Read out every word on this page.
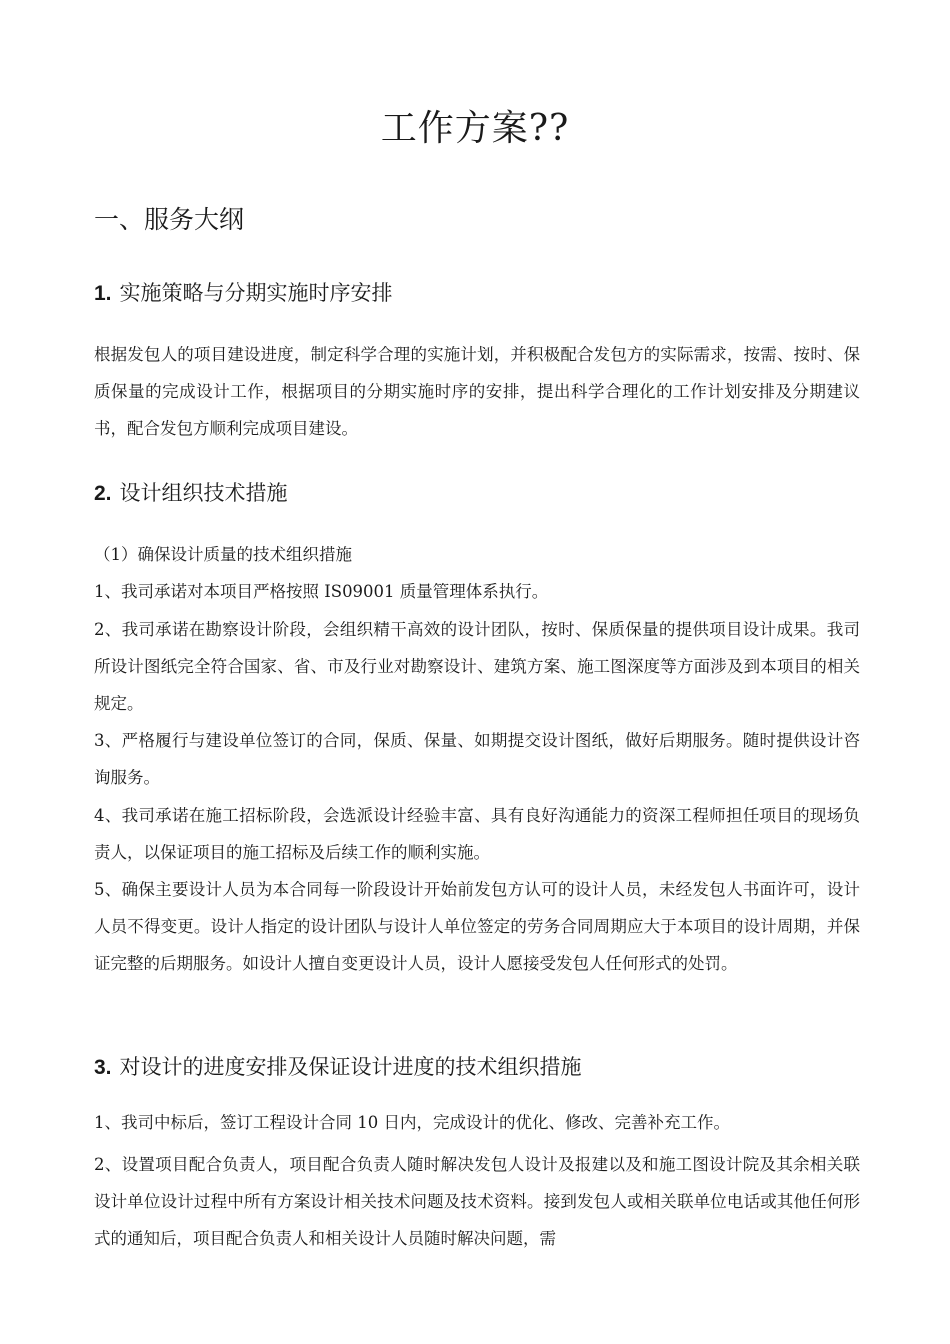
工作方案??
一、服务大纲
1. 实施策略与分期实施时序安排

根据发包人的项目建设进度，制定科学合理的实施计划，并积极配合发包方的实际需求，按需、按时、保质保量的完成设计工作，根据项目的分期实施时序的安排，提出科学合理化的工作计划安排及分期建议书，配合发包方顺利完成项目建设。

2. 设计组织技术措施

（1）确保设计质量的技术组织措施

1、我司承诺对本项目严格按照 IS09001 质量管理体系执行。

2、我司承诺在勘察设计阶段，会组织精干高效的设计团队，按时、保质保量的提供项目设计成果。我司所设计图纸完全符合国家、省、市及行业对勘察设计、建筑方案、施工图深度等方面涉及到本项目的相关规定。

3、严格履行与建设单位签订的合同，保质、保量、如期提交设计图纸，做好后期服务。随时提供设计咨询服务。

4、我司承诺在施工招标阶段，会选派设计经验丰富、具有良好沟通能力的资深工程师担任项目的现场负责人，以保证项目的施工招标及后续工作的顺利实施。

5、确保主要设计人员为本合同每一阶段设计开始前发包方认可的设计人员，未经发包人书面许可，设计人员不得变更。设计人指定的设计团队与设计人单位签定的劳务合同周期应大于本项目的设计周期，并保证完整的后期服务。如设计人擅自变更设计人员，设计人愿接受发包人任何形式的处罚。

3. 对设计的进度安排及保证设计进度的技术组织措施

1、我司中标后，签订工程设计合同 10 日内，完成设计的优化、修改、完善补充工作。

2、设置项目配合负责人，项目配合负责人随时解决发包人设计及报建以及和施工图设计院及其余相关联设计单位设计过程中所有方案设计相关技术问题及技术资料。接到发包人或相关联单位电话或其他任何形式的通知后，项目配合负责人和相关设计人员随时解决问题，需
